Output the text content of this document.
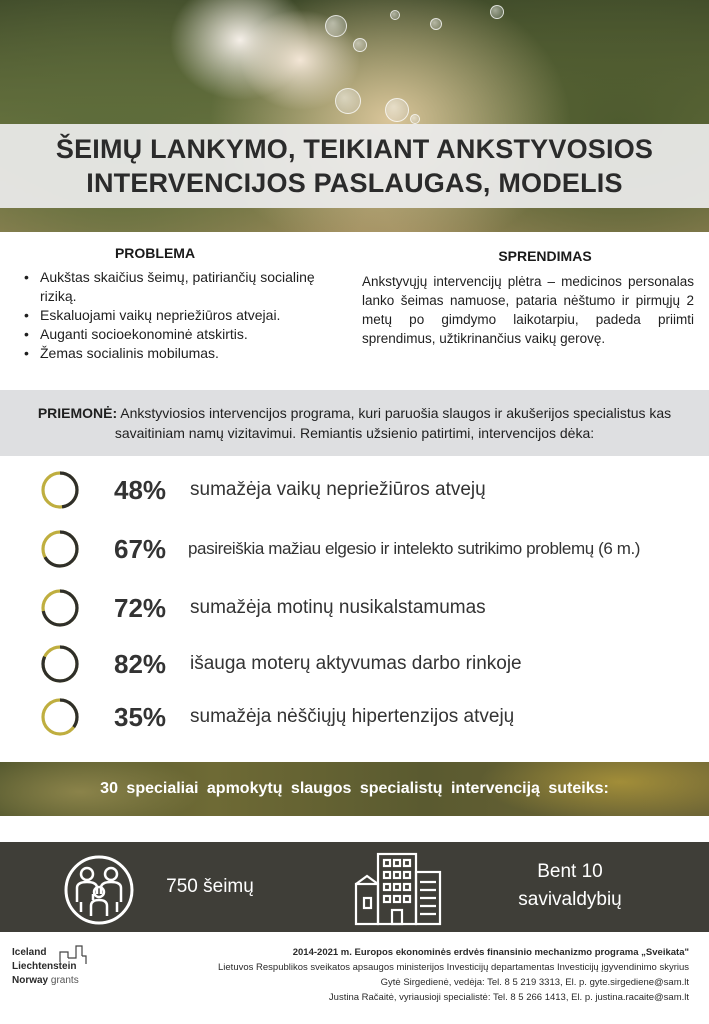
ŠEIMŲ LANKYMO, TEIKIANT ANKSTYVOSIOS
INTERVENCIJOS PASLAUGAS, MODELIS
PROBLEMA
• Aukštas skaičius šeimų, patiriančių socialinę riziką.
• Eskaluojami vaikų nepriežiūros atvejai.
• Auganti socioekonominė atskirtis.
• Žemas socialinis mobilumas.
SPRENDIMAS
Ankstyvųjų intervencijų plėtra – medicinos personalas lanko šeimas namuose, pataria nėštumo ir pirmųjų 2 metų po gimdymo laikotarpiu, padeda priimti sprendimus, užtikrinančius vaikų gerovę.

PRIEMONĖ: Ankstyviosios intervencijos programa, kuri paruošia slaugos ir akušerijos specialistus kas savaitiniam namų vizitavimui. Remiantis užsienio patirtimi, intervencijos dėka:

48%	sumažėja vaikų nepriežiūros atvejų
67%	pasireiškia mažiau elgesio ir intelekto sutrikimo problemų (6 m.)
72%	sumažėja motinų nusikalstamumas
82%	išauga moterų aktyvumas darbo rinkoje
35%	sumažėja nėščiųjų hipertenzijos atvejų
30 specialiai apmokytų slaugos specialistų intervenciją suteiks:
750 šeimų
Bent 10
savivaldybių
Iceland
Liechtenstein
Norway grants
2014-2021 m. Europos ekonominės erdvės finansinio mechanizmo programa „Sveikata"
Lietuvos Respublikos sveikatos apsaugos ministerijos Investicijų departamentas Investicijų įgyvendinimo skyrius
Gytė Sirgedienė, vedėja: Tel. 8 5 219 3313, El. p. gyte.sirgediene@sam.lt
Justina Račaitė, vyriausioji specialistė: Tel. 8 5 266 1413, El. p. justina.racaite@sam.lt
